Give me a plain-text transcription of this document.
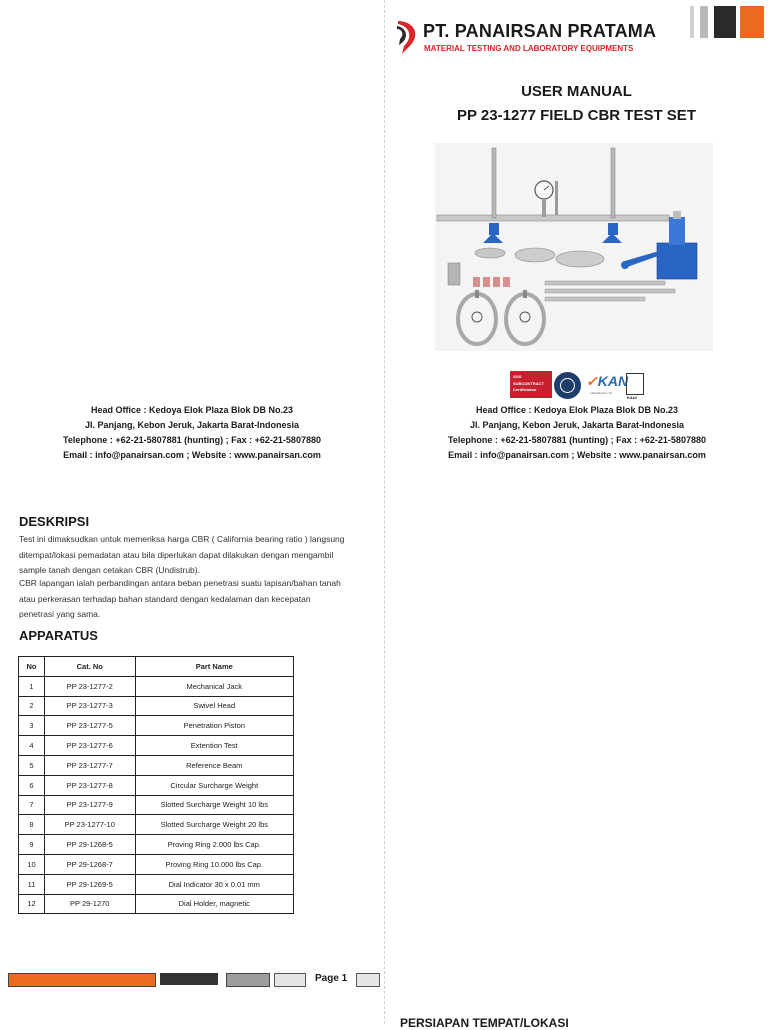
PT. PANAIRSAN PRATAMA
MATERIAL TESTING AND LABORATORY EQUIPMENTS
USER MANUAL
PP 23-1277 FIELD CBR TEST SET
SGS
SUBCONTRACT
Certification
✓KAN
Laboratorium Uji
KAUI
Head Office : Kedoya Elok Plaza Blok DB No.23
Jl. Panjang, Kebon Jeruk, Jakarta Barat-Indonesia
Telephone : +62-21-5807881 (hunting) ; Fax : +62-21-5807880
Email : info@panairsan.com ; Website : www.panairsan.com
Head Office : Kedoya Elok Plaza Blok DB No.23
Jl. Panjang, Kebon Jeruk, Jakarta Barat-Indonesia
Telephone : +62-21-5807881 (hunting) ; Fax : +62-21-5807880
Email : info@panairsan.com ; Website : www.panairsan.com
DESKRIPSI
Test ini dimaksudkan untuk memeriksa harga CBR ( California bearing ratio ) langsung
ditempat/lokasi pemadatan atau bila diperlukan dapat dilakukan dengan mengambil
sample tanah dengan cetakan CBR (Undistrub).
CBR lapangan ialah perbandingan antara beban penetrasi suatu lapisan/bahan tanah
atau perkerasan terhadap bahan standard dengan kedalaman dan kecepatan
penetrasi yang sama.
APPARATUS
No	Cat. No	Part Name
1	PP 23-1277-2	Mechanical Jack
2	PP 23-1277-3	Swivel Head
3	PP 23-1277-5	Penetration Piston
4	PP 23-1277-6	Extention Test
5	PP 23-1277-7	Reference Beam
6	PP 23-1277-8	Circular Surcharge Weight
7	PP 23-1277-9	Slotted Surcharge Weight 10 lbs
8	PP 23-1277-10	Slotted Surcharge Weight 20 lbs
9	PP 29-1268-5	Proving Ring 2.000 lbs Cap.
10	PP 29-1268-7	Proving Ring 10.000 lbs Cap.
11	PP 29-1269-5	Dial Indicator 30 x 0.01 mm
12	PP 29-1270	Dial Holder, magnetic
Page 1
PERSIAPAN TEMPAT/LOKASI
